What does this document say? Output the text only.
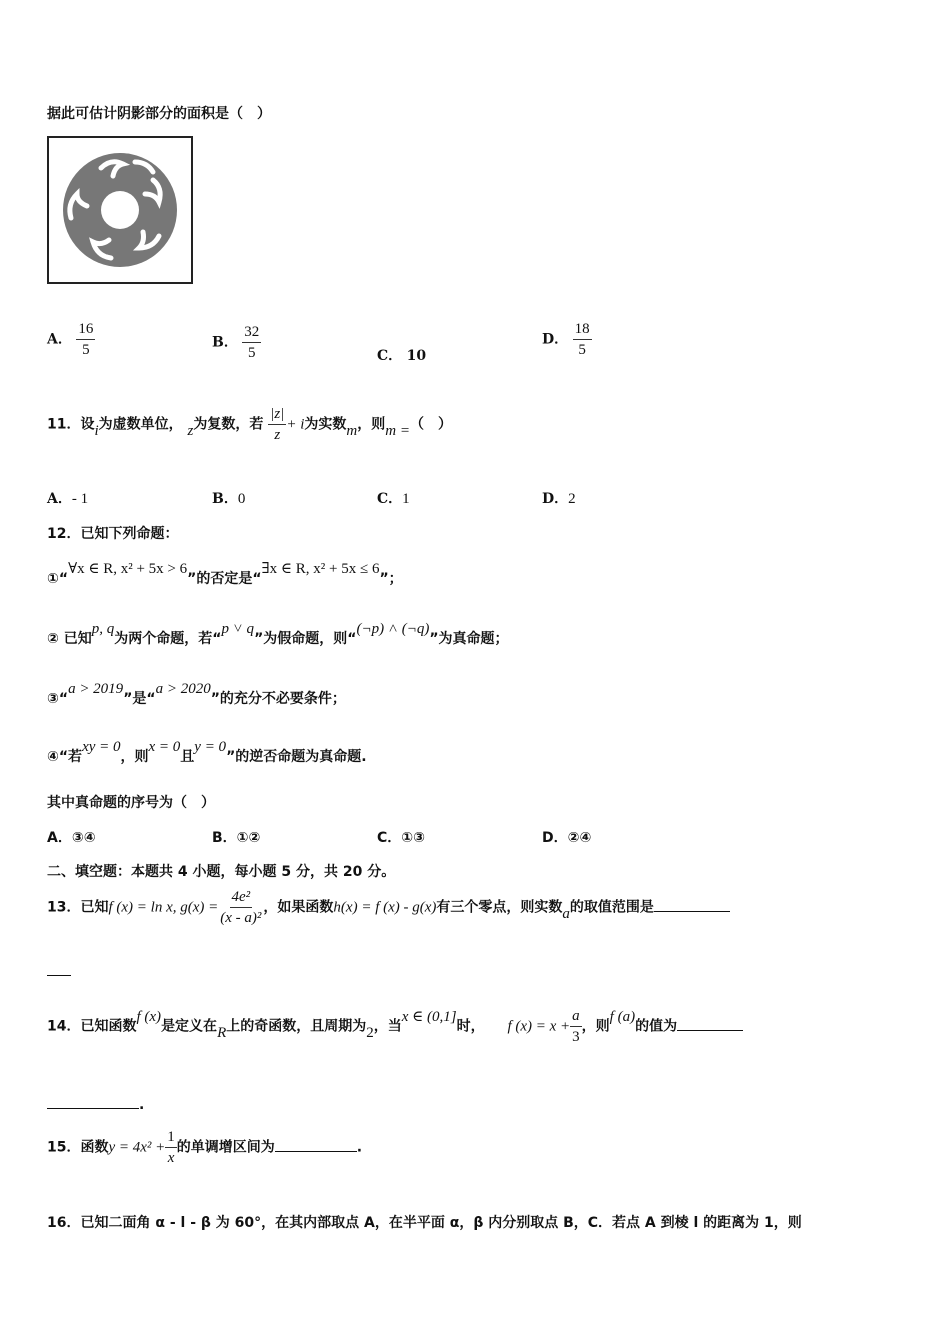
据此可估计阴影部分的面积是（　）
A． $\frac{16}{5}$	B． $\frac{32}{5}$	C． 10
D． $\frac{18}{5}$
11．设i为虚数单位， z为复数，若 $\frac{|z|}{z} + i$为实数m，则m =（　）
A．- 1	B．0	C．1	D．2
12．已知下列命题：
①“∀x ∈ R, x² + 5x > 6”的否定是“∃x ∈ R, x² + 5x ≤ 6”；
② 已知p, q为两个命题，若“p ˅ q”为假命题，则“(¬p) ˄ (¬q)”为真命题；
③“a > 2019”是“a > 2020”的充分不必要条件；
④“若xy = 0，则x = 0且y = 0”的逆否命题为真命题.
其中真命题的序号为（　）
A．③④	B．①②	C．①③	D．②④
二、填空题：本题共 4 小题，每小题 5 分，共 20 分。
13．已知f (x) = ln x, $g(x) = \frac{\text{4e²}}{\text{(x - a)²}}$ ，如果函数h(x) = f (x) - g(x)有三个零点，则实数a的取值范围是
14．已知函数f (x)是定义在R上的奇函数，且周期为2，当x ∈ (0,1]时， f $(x) = x + \frac{a}{3}$ ，则f (a)的值为
.
15．函数$y = 4x^2 + \frac{1}{x}$ 的单调增区间为	.
16．已知二面角 α - l - β 为 60°，在其内部取点 A，在半平面 α，β 内分别取点 B，C．若点 A 到棱 l 的距离为 1，则
